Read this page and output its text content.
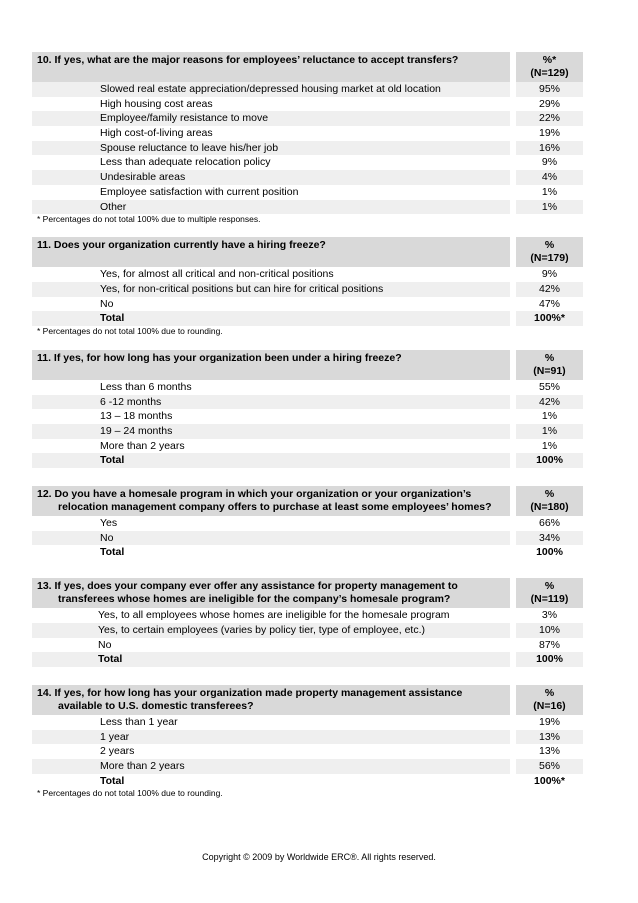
10. If yes, what are the major reasons for employees’ reluctance to accept transfers?	%*
(N=129)
Slowed real estate appreciation/depressed housing market at old location	95%
High housing cost areas	29%
Employee/family resistance to move	22%
High cost-of-living areas	19%
Spouse reluctance to leave his/her job	16%
Less than adequate relocation policy	9%
Undesirable areas	4%
Employee satisfaction with current position	1%
Other	1%
* Percentages do not total 100% due to multiple responses.
11. Does your organization currently have a hiring freeze?	%
(N=179)
Yes, for almost all critical and non-critical positions	9%
Yes, for non-critical positions but can hire for critical positions	42%
No	47%
Total	100%*
* Percentages do not total 100% due to rounding.
11. If yes, for how long has your organization been under a hiring freeze?	%
(N=91)
Less than 6 months	55%
6 -12 months	42%
13 – 18 months	1%
19 – 24 months	1%
More than 2 years	1%
Total	100%
12. Do you have a homesale program in which your organization or your organization’s relocation management company offers to purchase at least some employees’ homes?
%
(N=180)
Yes	66%
No	34%
Total	100%
13. If yes, does your company ever offer any assistance for property management to transferees whose homes are ineligible for the company’s homesale program?
%
(N=119)
Yes, to all employees whose homes are ineligible for the homesale program	3%
Yes, to certain employees (varies by policy tier, type of employee, etc.)	10%
No	87%
Total	100%
14. If yes, for how long has your organization made property management assistance available to U.S. domestic transferees?
%
(N=16)
Less than 1 year	19%
1 year	13%
2 years	13%
More than 2 years	56%
Total	100%*
* Percentages do not total 100% due to rounding.
Copyright © 2009 by Worldwide ERC®. All rights reserved.
